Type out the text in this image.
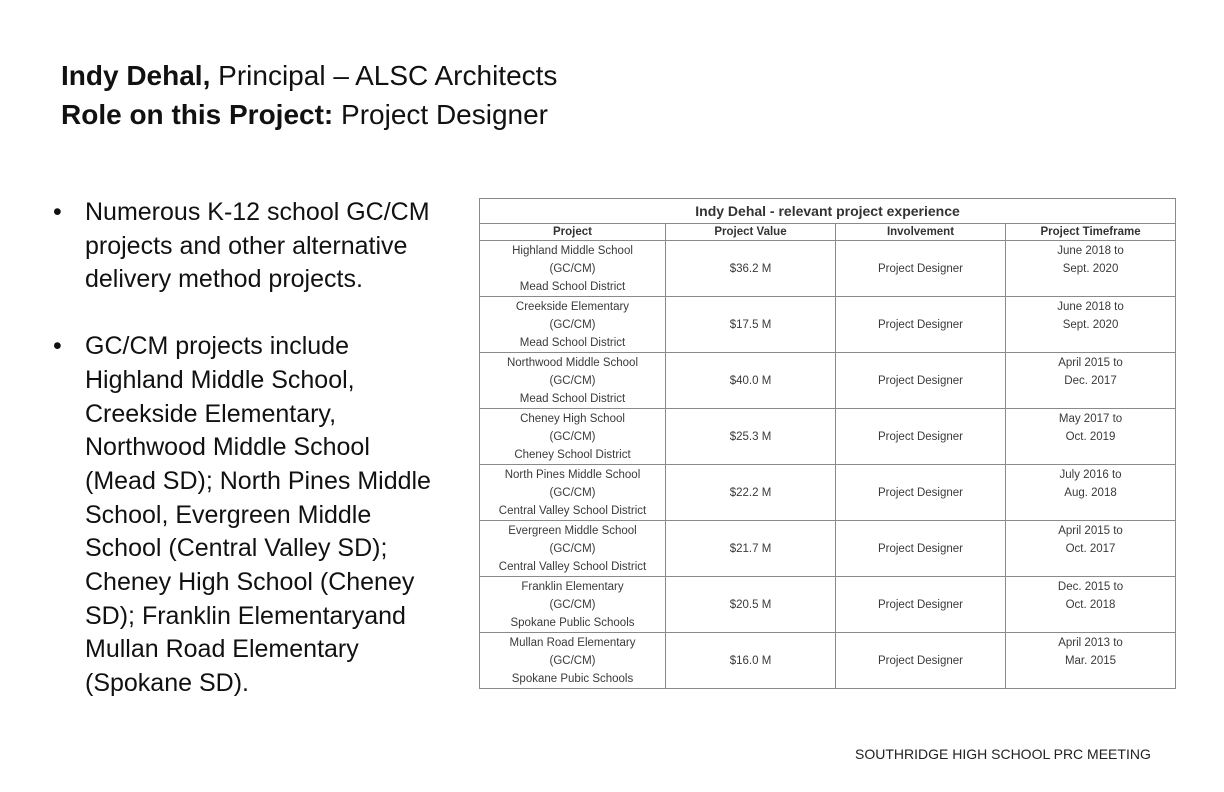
Indy Dehal, Principal – ALSC Architects
Role on this Project: Project Designer
• Numerous K-12 school GC/CM projects and other alternative delivery method projects.
• GC/CM projects include Highland Middle School, Creekside Elementary, Northwood Middle School (Mead SD); North Pines Middle School, Evergreen Middle School (Central Valley SD); Cheney High School (Cheney SD); Franklin Elementaryand Mullan Road Elementary (Spokane SD).
Indy Dehal - relevant project experience			
Project	Project Value	Involvement	Project Timeframe

Highland Middle School
(GC/CM)
Mead School District	$36.2 M	Project Designer	June 2018 to
Sept. 2020

Creekside Elementary
(GC/CM)
Mead School District	$17.5 M	Project Designer	June 2018 to
Sept. 2020

Northwood Middle School
(GC/CM)
Mead School District	$40.0 M	Project Designer	April 2015 to
Dec. 2017

Cheney High School
(GC/CM)
Cheney School District	$25.3 M	Project Designer	May 2017 to
Oct. 2019

North Pines Middle School
(GC/CM)
Central Valley School District	$22.2 M	Project Designer	July 2016 to
Aug. 2018

Evergreen Middle School
(GC/CM)
Central Valley School District	$21.7 M	Project Designer	April 2015 to
Oct. 2017

Franklin Elementary
(GC/CM)
Spokane Public Schools	$20.5 M	Project Designer	Dec. 2015 to
Oct. 2018

Mullan Road Elementary
(GC/CM)
Spokane Pubic Schools	$16.0 M	Project Designer	April 2013 to
Mar. 2015
SOUTHRIDGE HIGH SCHOOL PRC MEETING
